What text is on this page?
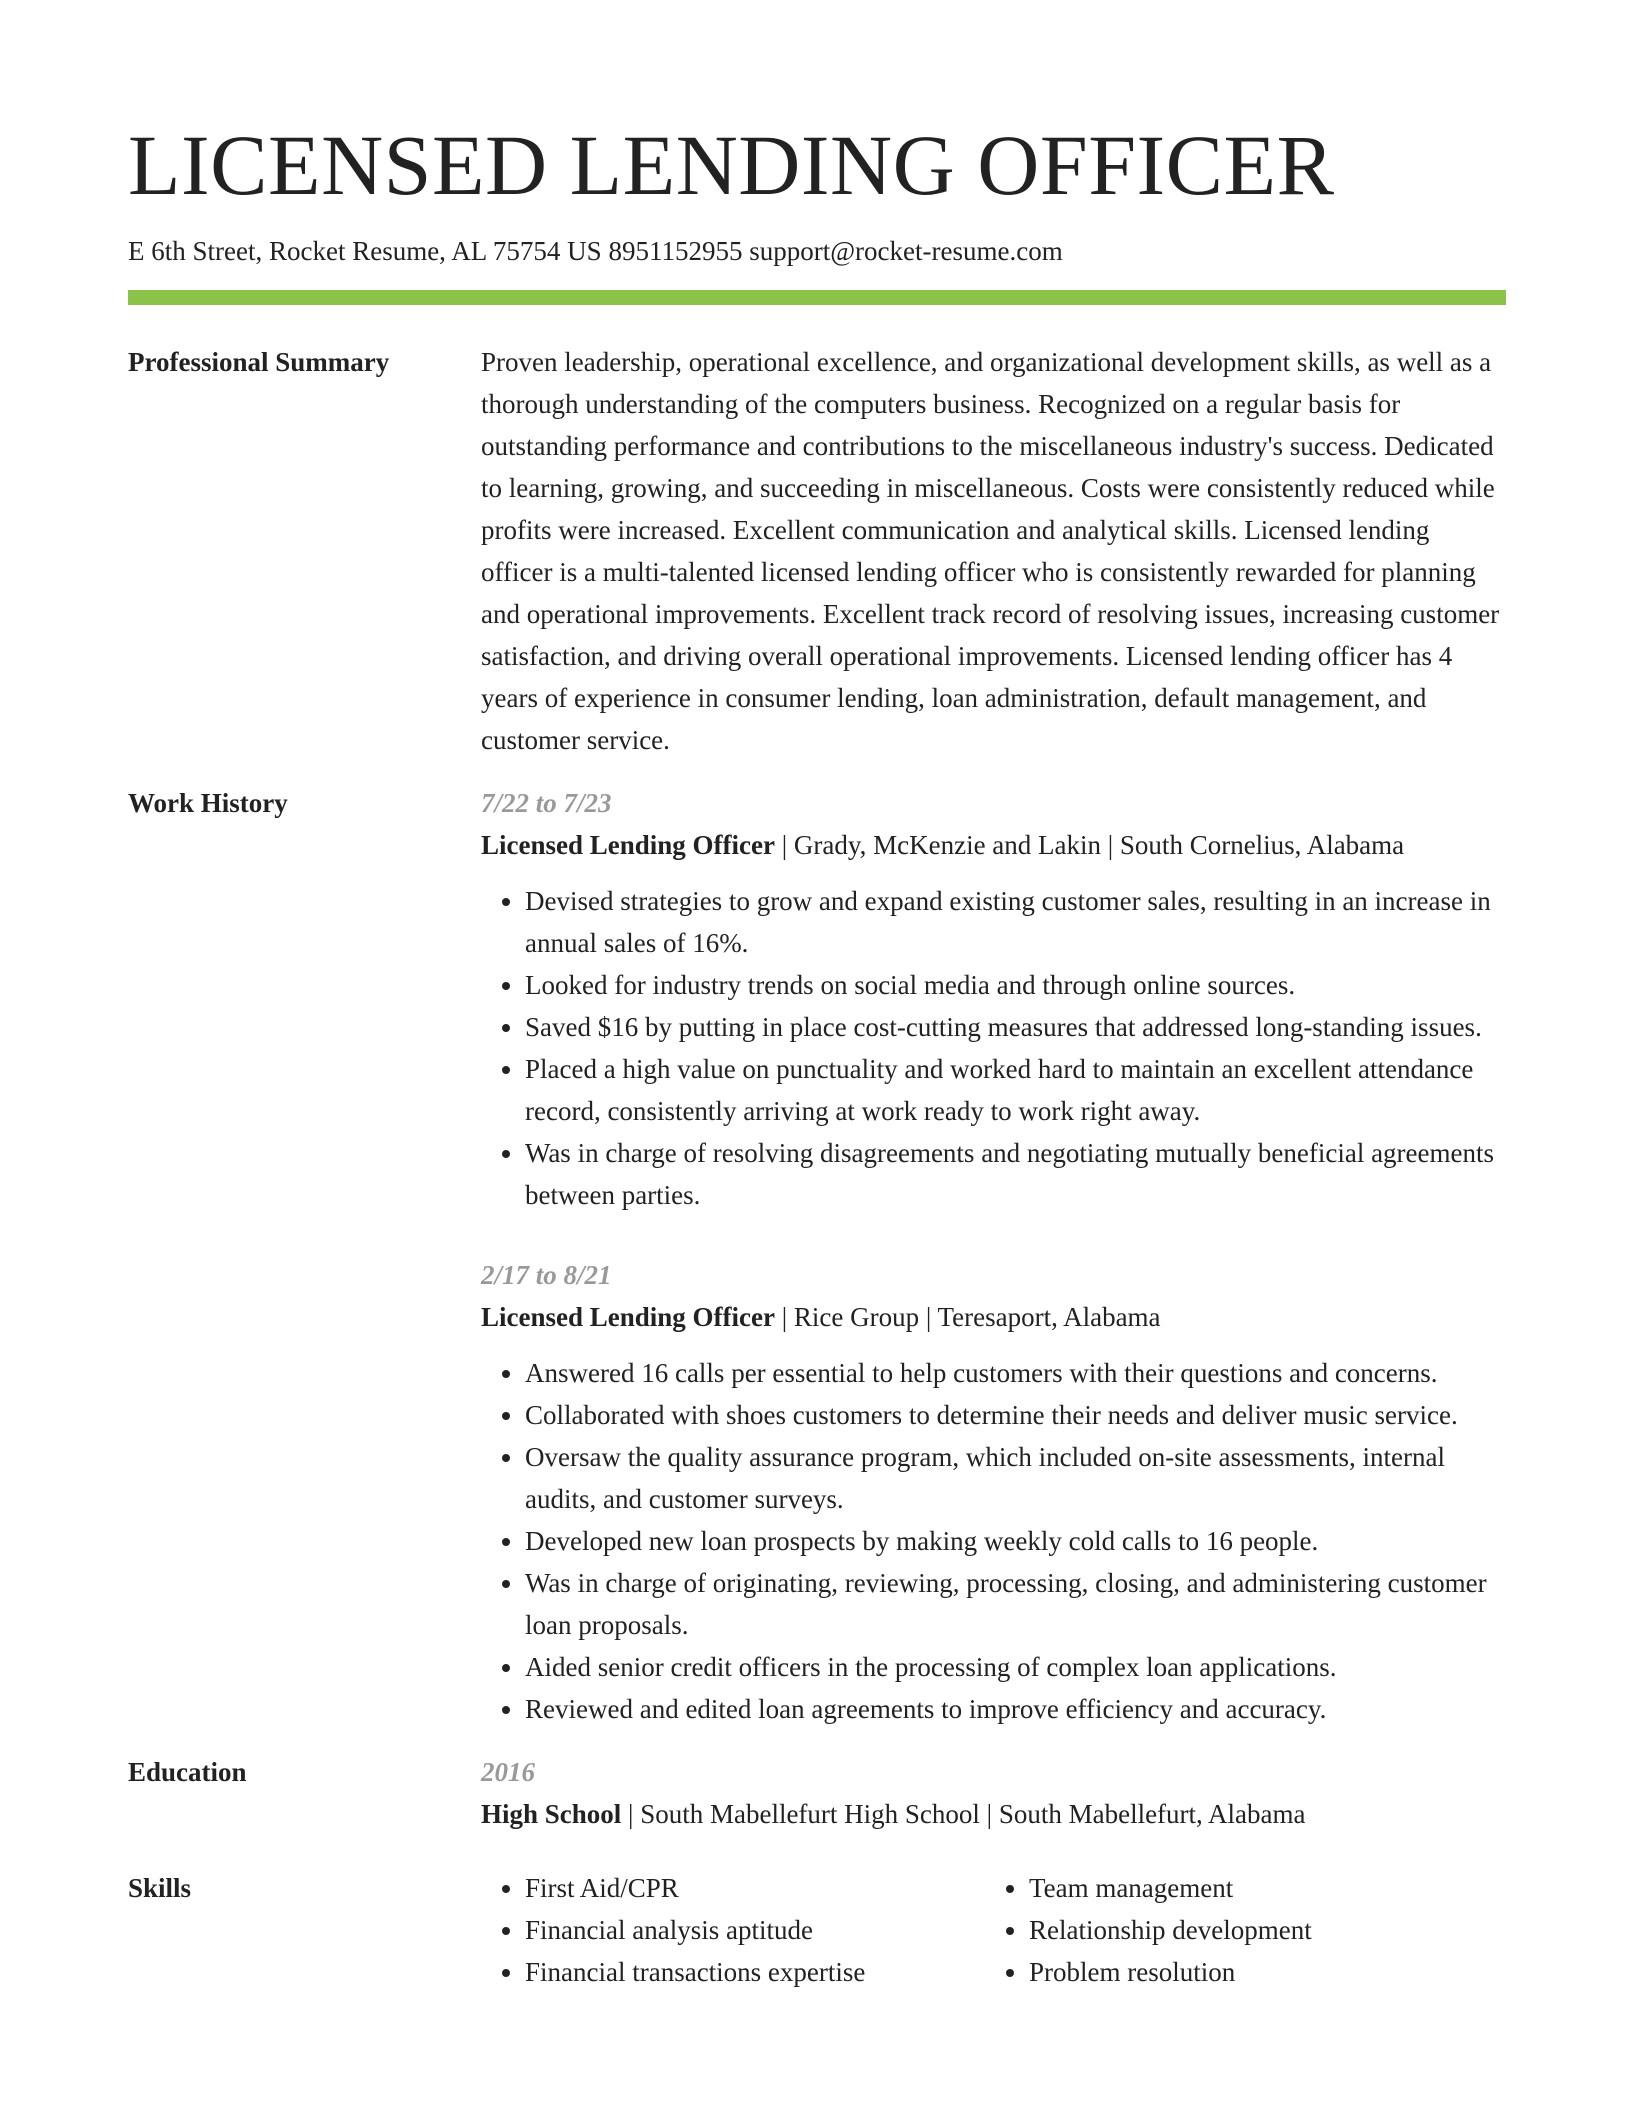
LICENSED LENDING OFFICER
E 6th Street, Rocket Resume, AL 75754 US 8951152955 support@rocket-resume.com
Professional Summary	Proven leadership, operational excellence, and organizational development skills, as well as a thorough understanding of the computers business. Recognized on a regular basis for outstanding performance and contributions to the miscellaneous industry's success. Dedicated to learning, growing, and succeeding in miscellaneous. Costs were consistently reduced while profits were increased. Excellent communication and analytical skills. Licensed lending officer is a multi-talented licensed lending officer who is consistently rewarded for planning and operational improvements. Excellent track record of resolving issues, increasing customer satisfaction, and driving overall operational improvements. Licensed lending officer has 4 years of experience in consumer lending, loan administration, default management, and customer service.

Work History	7/22 to 7/23
Licensed Lending Officer | Grady, McKenzie and Lakin | South Cornelius, Alabama
• Devised strategies to grow and expand existing customer sales, resulting in an increase in annual sales of 16%.
• Looked for industry trends on social media and through online sources.
• Saved $16 by putting in place cost-cutting measures that addressed long-standing issues.
• Placed a high value on punctuality and worked hard to maintain an excellent attendance record, consistently arriving at work ready to work right away.
• Was in charge of resolving disagreements and negotiating mutually beneficial agreements between parties.
2/17 to 8/21
Licensed Lending Officer | Rice Group | Teresaport, Alabama
• Answered 16 calls per essential to help customers with their questions and concerns.
• Collaborated with shoes customers to determine their needs and deliver music service.
• Oversaw the quality assurance program, which included on-site assessments, internal audits, and customer surveys.
• Developed new loan prospects by making weekly cold calls to 16 people.
• Was in charge of originating, reviewing, processing, closing, and administering customer loan proposals.
• Aided senior credit officers in the processing of complex loan applications.
• Reviewed and edited loan agreements to improve efficiency and accuracy.
Education	2016
High School | South Mabellefurt High School | South Mabellefurt, Alabama
Skills
•	First Aid/CPR
• Financial analysis aptitude
• Financial transactions expertise
• Team management
• Relationship development
• Problem resolution
